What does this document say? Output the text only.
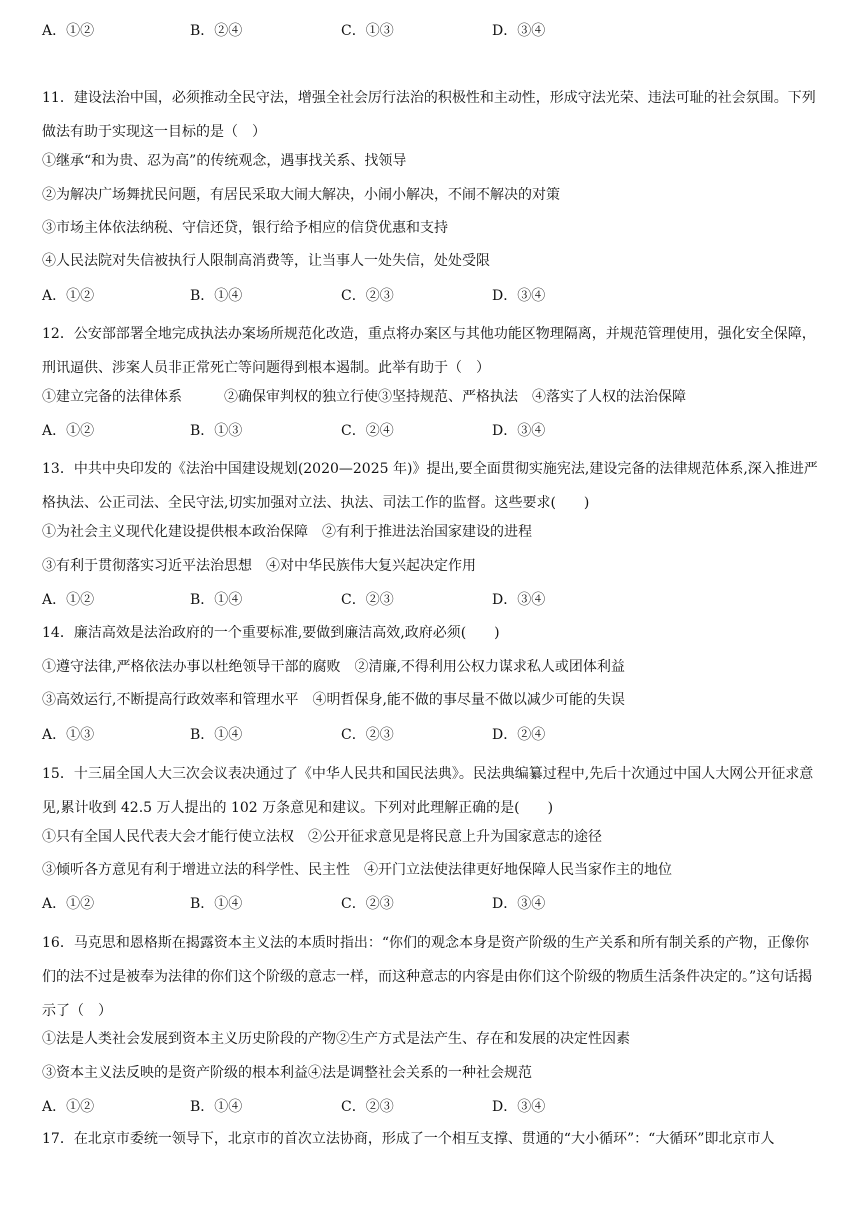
A．①②	B．②④	C．①③	D．③④
11．建设法治中国，必须推动全民守法，增强全社会厉行法治的积极性和主动性，形成守法光荣、违法可耻的社会氛围。下列做法有助于实现这一目标的是（　）
①继承“和为贵、忍为高”的传统观念，遇事找关系、找领导
②为解决广场舞扰民问题，有居民采取大闹大解决，小闹小解决，不闹不解决的对策
③市场主体依法纳税、守信还贷，银行给予相应的信贷优惠和支持
④人民法院对失信被执行人限制高消费等，让当事人一处失信，处处受限
A．①②	B．①④	C．②③	D．③④
12．公安部部署全地完成执法办案场所规范化改造，重点将办案区与其他功能区物理隔离，并规范管理使用，强化安全保障，刑讯逼供、涉案人员非正常死亡等问题得到根本遏制。此举有助于（　）
①建立完备的法律体系　　　②确保审判权的独立行使③坚持规范、严格执法　④落实了人权的法治保障
A．①②	B．①③	C．②④	D．③④
13．中共中央印发的《法治中国建设规划(2020—2025 年)》提出,要全面贯彻实施宪法,建设完备的法律规范体系,深入推进严格执法、公正司法、全民守法,切实加强对立法、执法、司法工作的监督。这些要求(　　)
①为社会主义现代化建设提供根本政治保障　②有利于推进法治国家建设的进程
③有利于贯彻落实习近平法治思想　④对中华民族伟大复兴起决定作用
A．①②	B．①④	C．②③	D．③④
14．廉洁高效是法治政府的一个重要标准,要做到廉洁高效,政府必须(　　)
①遵守法律,严格依法办事以杜绝领导干部的腐败　②清廉,不得利用公权力谋求私人或团体利益
③高效运行,不断提高行政效率和管理水平　④明哲保身,能不做的事尽量不做以减少可能的失误
A．①③	B．①④	C．②③	D．②④
15．十三届全国人大三次会议表决通过了《中华人民共和国民法典》。民法典编纂过程中,先后十次通过中国人大网公开征求意见,累计收到 42.5 万人提出的 102 万条意见和建议。下列对此理解正确的是(　　)
①只有全国人民代表大会才能行使立法权　②公开征求意见是将民意上升为国家意志的途径
③倾听各方意见有利于增进立法的科学性、民主性　④开门立法使法律更好地保障人民当家作主的地位
A．①②	B．①④	C．②③	D．③④
16．马克思和恩格斯在揭露资本主义法的本质时指出：“你们的观念本身是资产阶级的生产关系和所有制关系的产物，正像你们的法不过是被奉为法律的你们这个阶级的意志一样，而这种意志的内容是由你们这个阶级的物质生活条件决定的。”这句话揭示了（　）
①法是人类社会发展到资本主义历史阶段的产物②生产方式是法产生、存在和发展的决定性因素
③资本主义法反映的是资产阶级的根本利益④法是调整社会关系的一种社会规范
A．①②	B．①④	C．②③	D．③④
17．在北京市委统一领导下，北京市的首次立法协商，形成了一个相互支撑、贯通的“大小循环”：“大循环”即北京市人
